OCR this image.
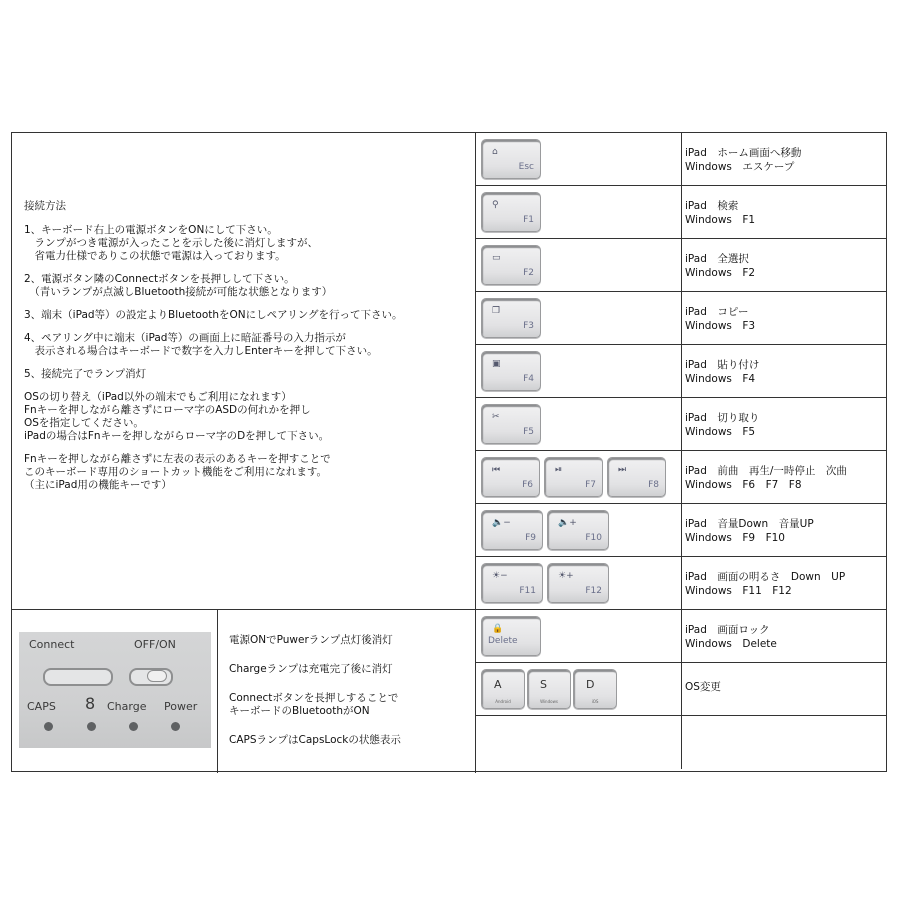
接続方法

1、キーボード右上の電源ボタンをONにして下さい。
　ランプがつき電源が入ったことを示した後に消灯しますが、
　省電力仕様でありこの状態で電源は入っております。

2、電源ボタン隣のConnectボタンを長押しして下さい。
　（青いランプが点滅しBluetooth接続が可能な状態となります）

3、端末（iPad等）の設定よりBluetoothをONにしペアリングを行って下さい。

4、ペアリング中に端末（iPad等）の画面上に暗証番号の入力指示が
　表示される場合はキーボードで数字を入力しEnterキーを押して下さい。

5、接続完了でランプ消灯

OSの切り替え（iPad以外の端末でもご利用になれます）
Fnキーを押しながら離さずにローマ字のASDの何れかを押し
OSを指定してください。
iPadの場合はFnキーを押しながらローマ字のDを押して下さい。

Fnキーを押しながら離さずに左表の表示のあるキーを押すことで
このキーボード専用のショートカット機能をご利用になれます。
（主にiPad用の機能キーです）

Connect	OFF/ON
CAPS 8 Charge Power

電源ONでPuwerランプ点灯後消灯

Chargeランプは充電完了後に消灯

Connectボタンを長押しすることで
キーボードのBluetoothがON

CAPSランプはCapsLockの状態表示

⌂
Esc
iPad　ホーム画面へ移動
Windows　エスケープ
⚲
F1
iPad　検索
Windows　F1
▭
F2
iPad　全選択
Windows　F2
❐
F3
iPad　コピー
Windows　F3
▣
F4
iPad　貼り付け
Windows　F4
✂
F5
iPad　切り取り
Windows　F5
⏮
F6
⏯
F7
⏭
F8
iPad　前曲　再生/一時停止　次曲
Windows　F6　F7　F8
🔈−
F9
🔈+
F10
iPad　音量Down　音量UP
Windows　F9　F10
☀−
F11
☀+
F12
iPad　画面の明るさ　Down　UP
Windows　F11　F12
🔒
Delete
iPad　画面ロック
Windows　Delete
A
Android
S
Windows
D
iOS
OS変更
